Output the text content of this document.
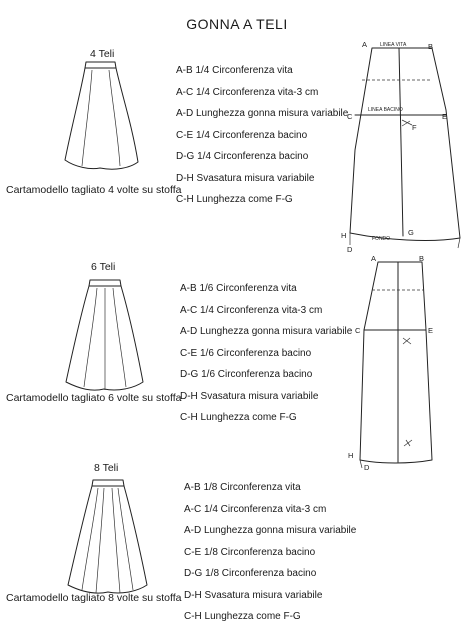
GONNA A TELI
4 Teli
Cartamodello tagliato 4 volte su stoffa
A-B 1/4 Circonferenza vita
A-C 1/4 Circonferenza vita-3 cm
A-D Lunghezza gonna misura variabile
C-E 1/4 Circonferenza bacino
D-G 1/4 Circonferenza bacino
D-H Svasatura misura variabile
C-H Lunghezza come F-G
A	B
LINEA VITA
LINEA BACINO
C	E
F
H	G
FONDO
D
6 Teli
Cartamodello tagliato 6 volte su stoffa
A-B 1/6 Circonferenza vita
A-C 1/4 Circonferenza vita-3 cm
A-D Lunghezza gonna misura variabile
C-E 1/6 Circonferenza bacino
D-G 1/6 Circonferenza bacino
D-H Svasatura misura variabile
C-H Lunghezza come F-G
A	B
C	E
H
D
8 Teli
Cartamodello tagliato 8 volte su stoffa
A-B 1/8 Circonferenza vita
A-C 1/4 Circonferenza vita-3 cm
A-D Lunghezza gonna misura variabile
C-E 1/8 Circonferenza bacino
D-G 1/8 Circonferenza bacino
D-H Svasatura misura variabile
C-H Lunghezza come F-G
